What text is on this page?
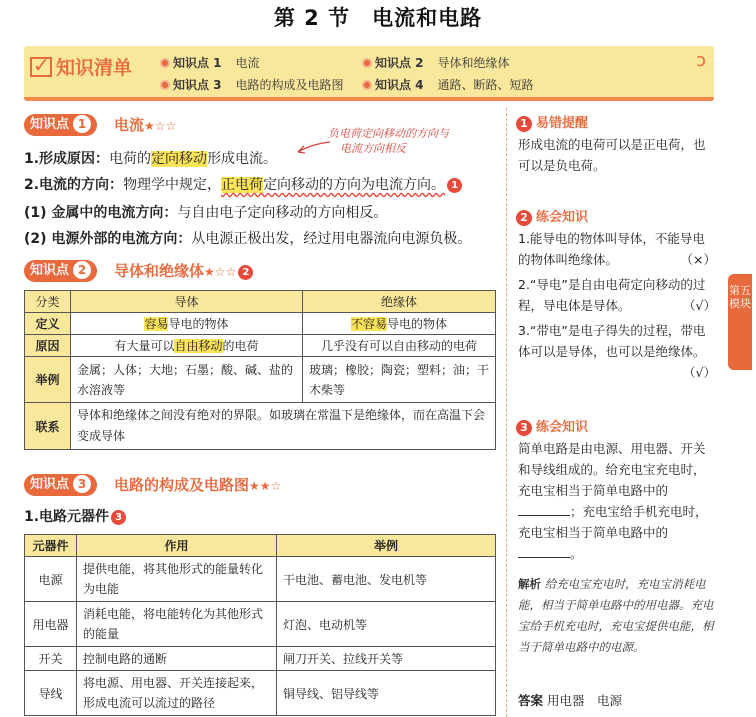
第 2 节 电流和电路
✓知识清单	知识点 1 电流	知识点 2 导体和绝缘体
知识点 3 电路的构成及电路图	知识点 4 通路、断路、短路
ↄ
知识点 1	电流★☆☆
负电荷定向移动的方向与
电流方向相反
1.形成原因：电荷的定向移动形成电流。
2.电流的方向：物理学中规定，正电荷定向移动的方向为电流方向。 1
(1) 金属中的电流方向：与自由电子定向移动的方向相反。
(2) 电源外部的电流方向：从电源正极出发，经过用电器流向电源负极。
知识点 2	导体和绝缘体★☆☆ 2
分类	导体	绝缘体
定义	容易导电的物体	不容易导电的物体
原因	有大量可以自由移动的电荷	几乎没有可以自由移动的电荷
举例	金属；人体；大地；石墨；酸、碱、盐的水溶液等	玻璃；橡胶；陶瓷；塑料；油；干木柴等
联系	导体和绝缘体之间没有绝对的界限。如玻璃在常温下是绝缘体，而在高温下会变成导体	
知识点 3	电路的构成及电路图★★☆
1.电路元器件 3
元器件	作用	举例
电源	提供电能，将其他形式的能量转化为电能	干电池、蓄电池、发电机等
用电器	消耗电能，将电能转化为其他形式的能量	灯泡、电动机等
开关	控制电路的通断	闸刀开关、拉线开关等
导线	将电源、用电器、开关连接起来，形成电流可以流过的路径	铜导线、铝导线等
1 易错提醒
形成电流的电荷可以是正电荷，也可以是负电荷。
2 练会知识
1.能导电的物体叫导体，不能导电的物体叫绝缘体。	（×）
2.“导电”是自由电荷定向移动的过程，导电体是导体。	（√）
3.“带电”是电子得失的过程，带电体可以是导体，也可以是绝缘体。
（√）
3 练会知识
简单电路是由电源、用电器、开关和导线组成的。给充电宝充电时，充电宝相当于简单电路中的；充电宝给手机充电时，充电宝相当于简单电路中的。
解析 给充电宝充电时，充电宝消耗电能，相当于简单电路中的用电器。充电宝给手机充电时，充电宝提供电能，相当于简单电路中的电源。
答案 用电器　电源
第五模块
